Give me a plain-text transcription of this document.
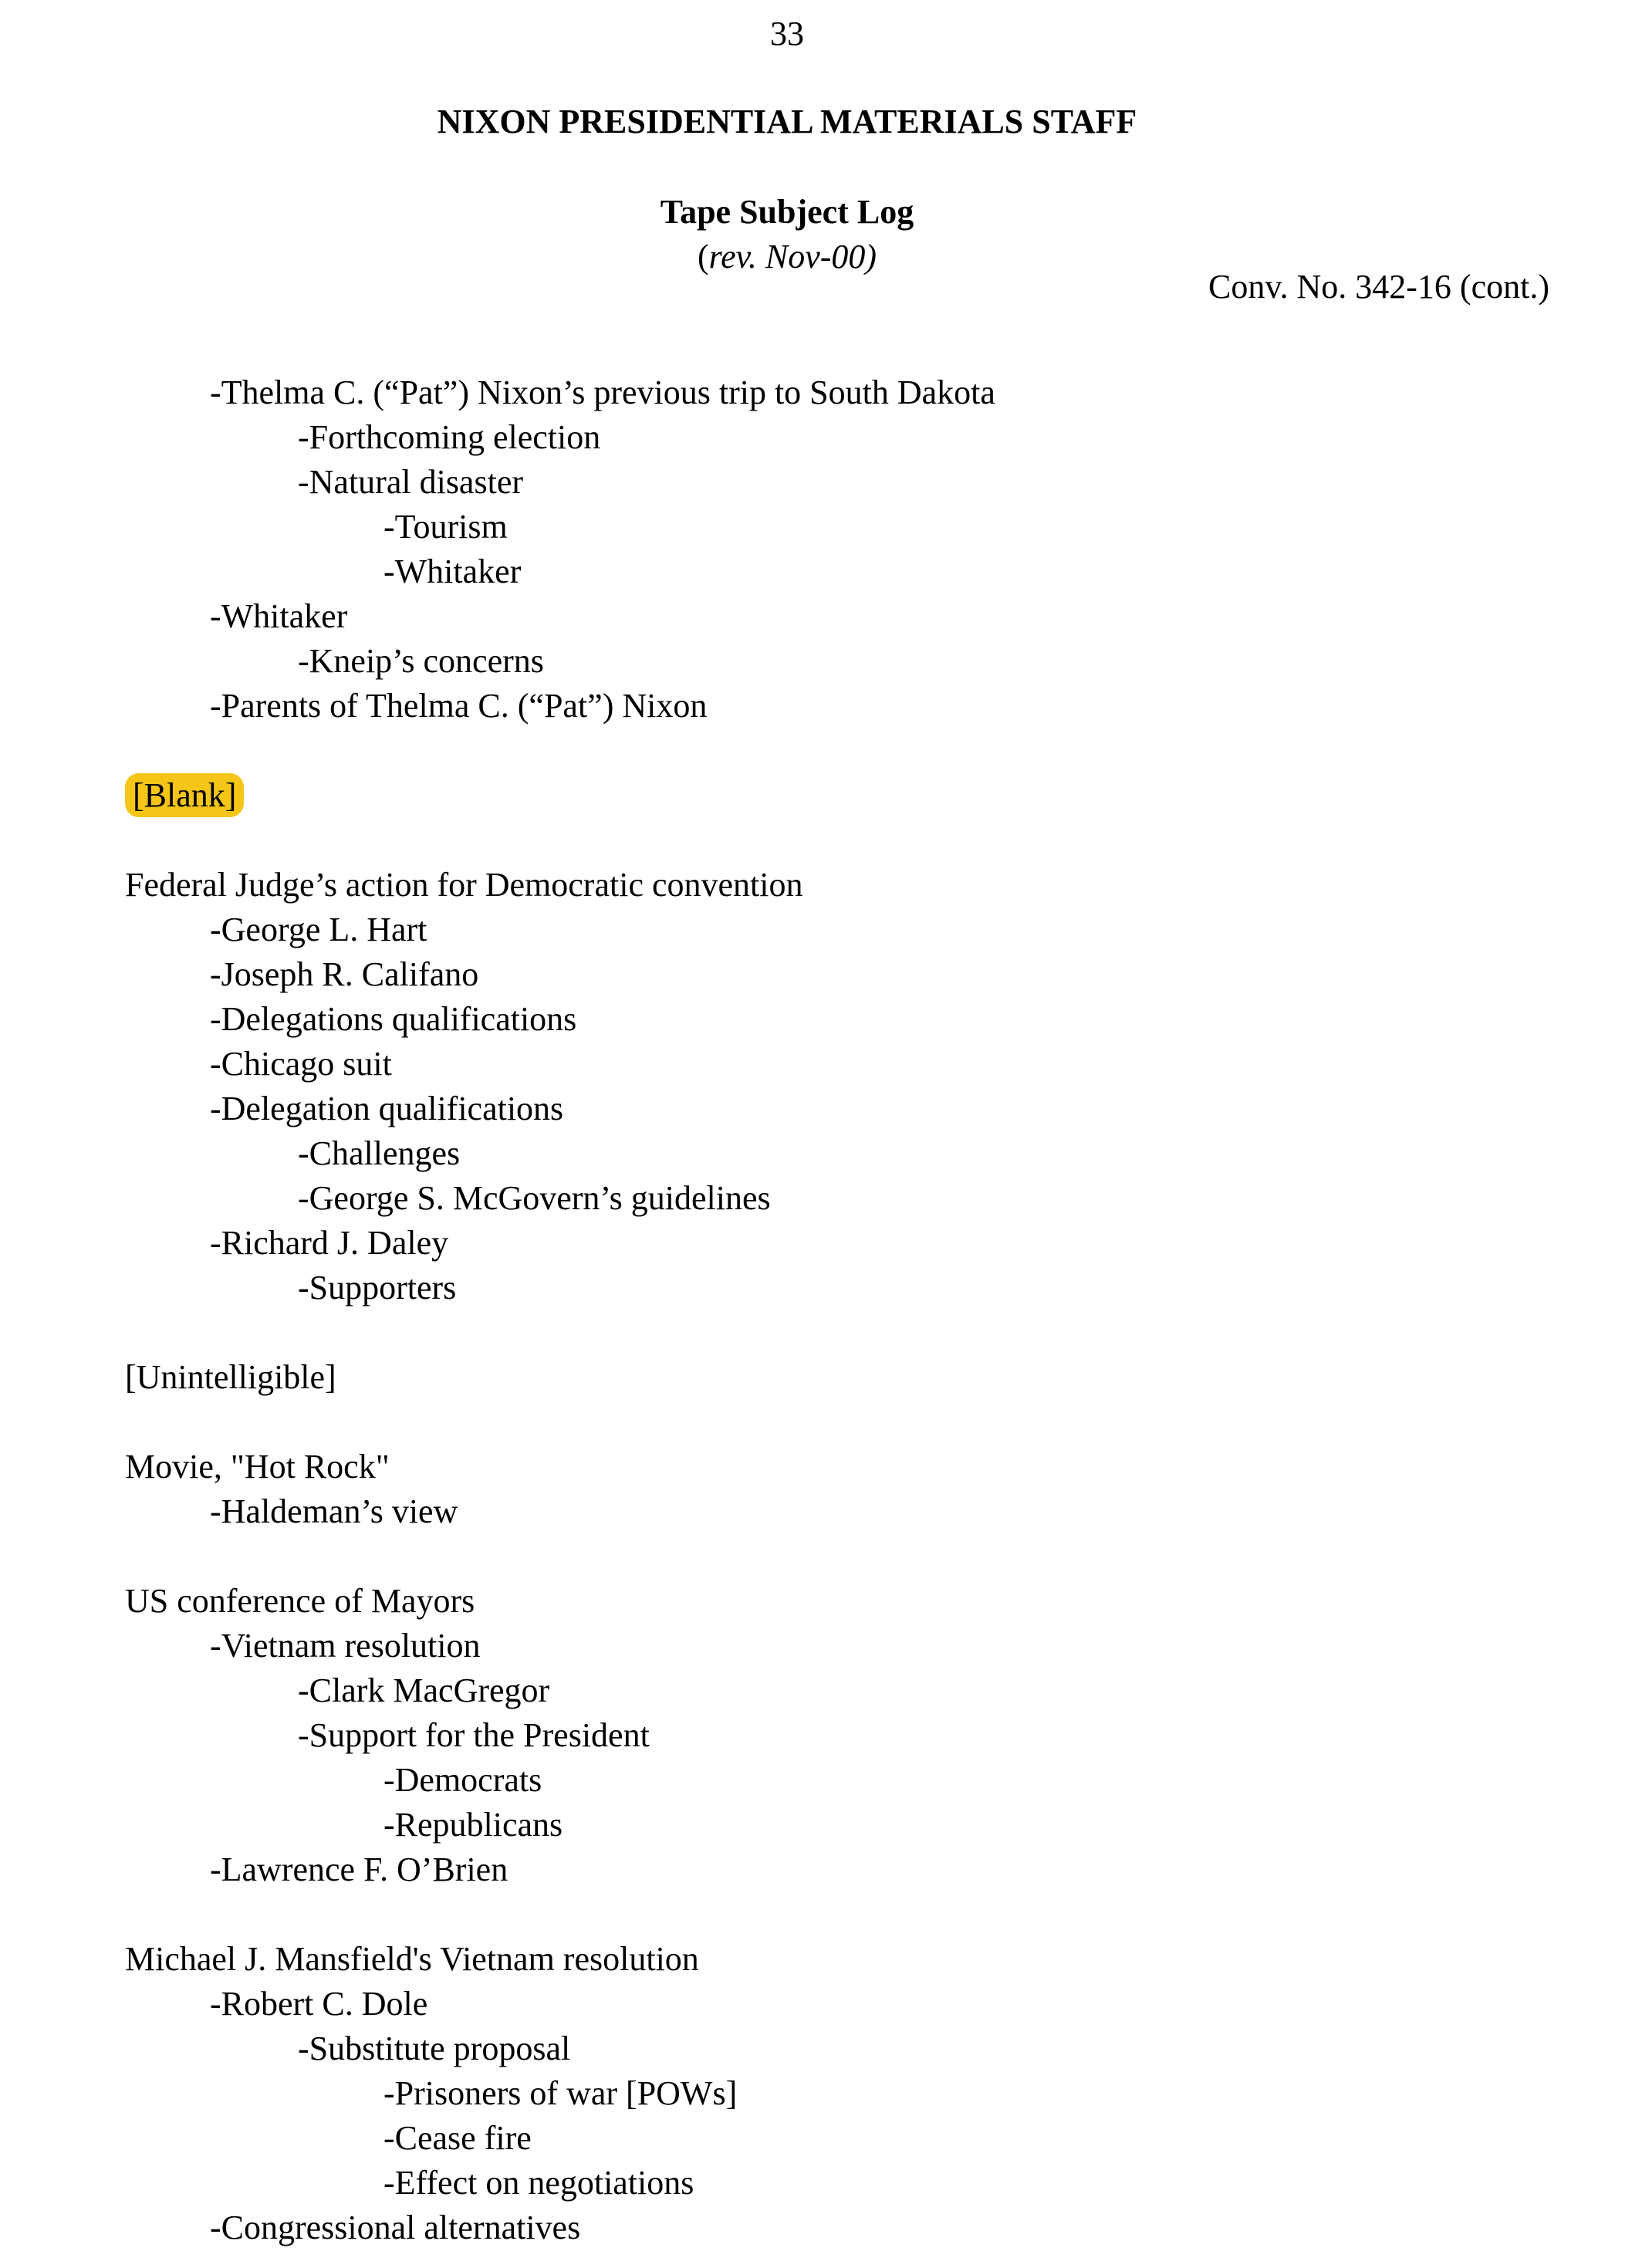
33
NIXON PRESIDENTIAL MATERIALS STAFF
Tape Subject Log
(rev. Nov-00)
Conv. No. 342-16 (cont.)
-Thelma C. (“Pat”) Nixon’s previous trip to South Dakota
-Forthcoming election
-Natural disaster
-Tourism
-Whitaker
-Whitaker
-Kneip’s concerns
-Parents of Thelma C. (“Pat”) Nixon
[Blank]
Federal Judge’s action for Democratic convention
-George L. Hart
-Joseph R. Califano
-Delegations qualifications
-Chicago suit
-Delegation qualifications
-Challenges
-George S. McGovern’s guidelines
-Richard J. Daley
-Supporters
[Unintelligible]
Movie, "Hot Rock"
-Haldeman’s view
US conference of Mayors
-Vietnam resolution
-Clark MacGregor
-Support for the President
-Democrats
-Republicans
-Lawrence F. O’Brien
Michael J. Mansfield's Vietnam resolution
-Robert C. Dole
-Substitute proposal
-Prisoners of war [POWs]
-Cease fire
-Effect on negotiations
-Congressional alternatives
